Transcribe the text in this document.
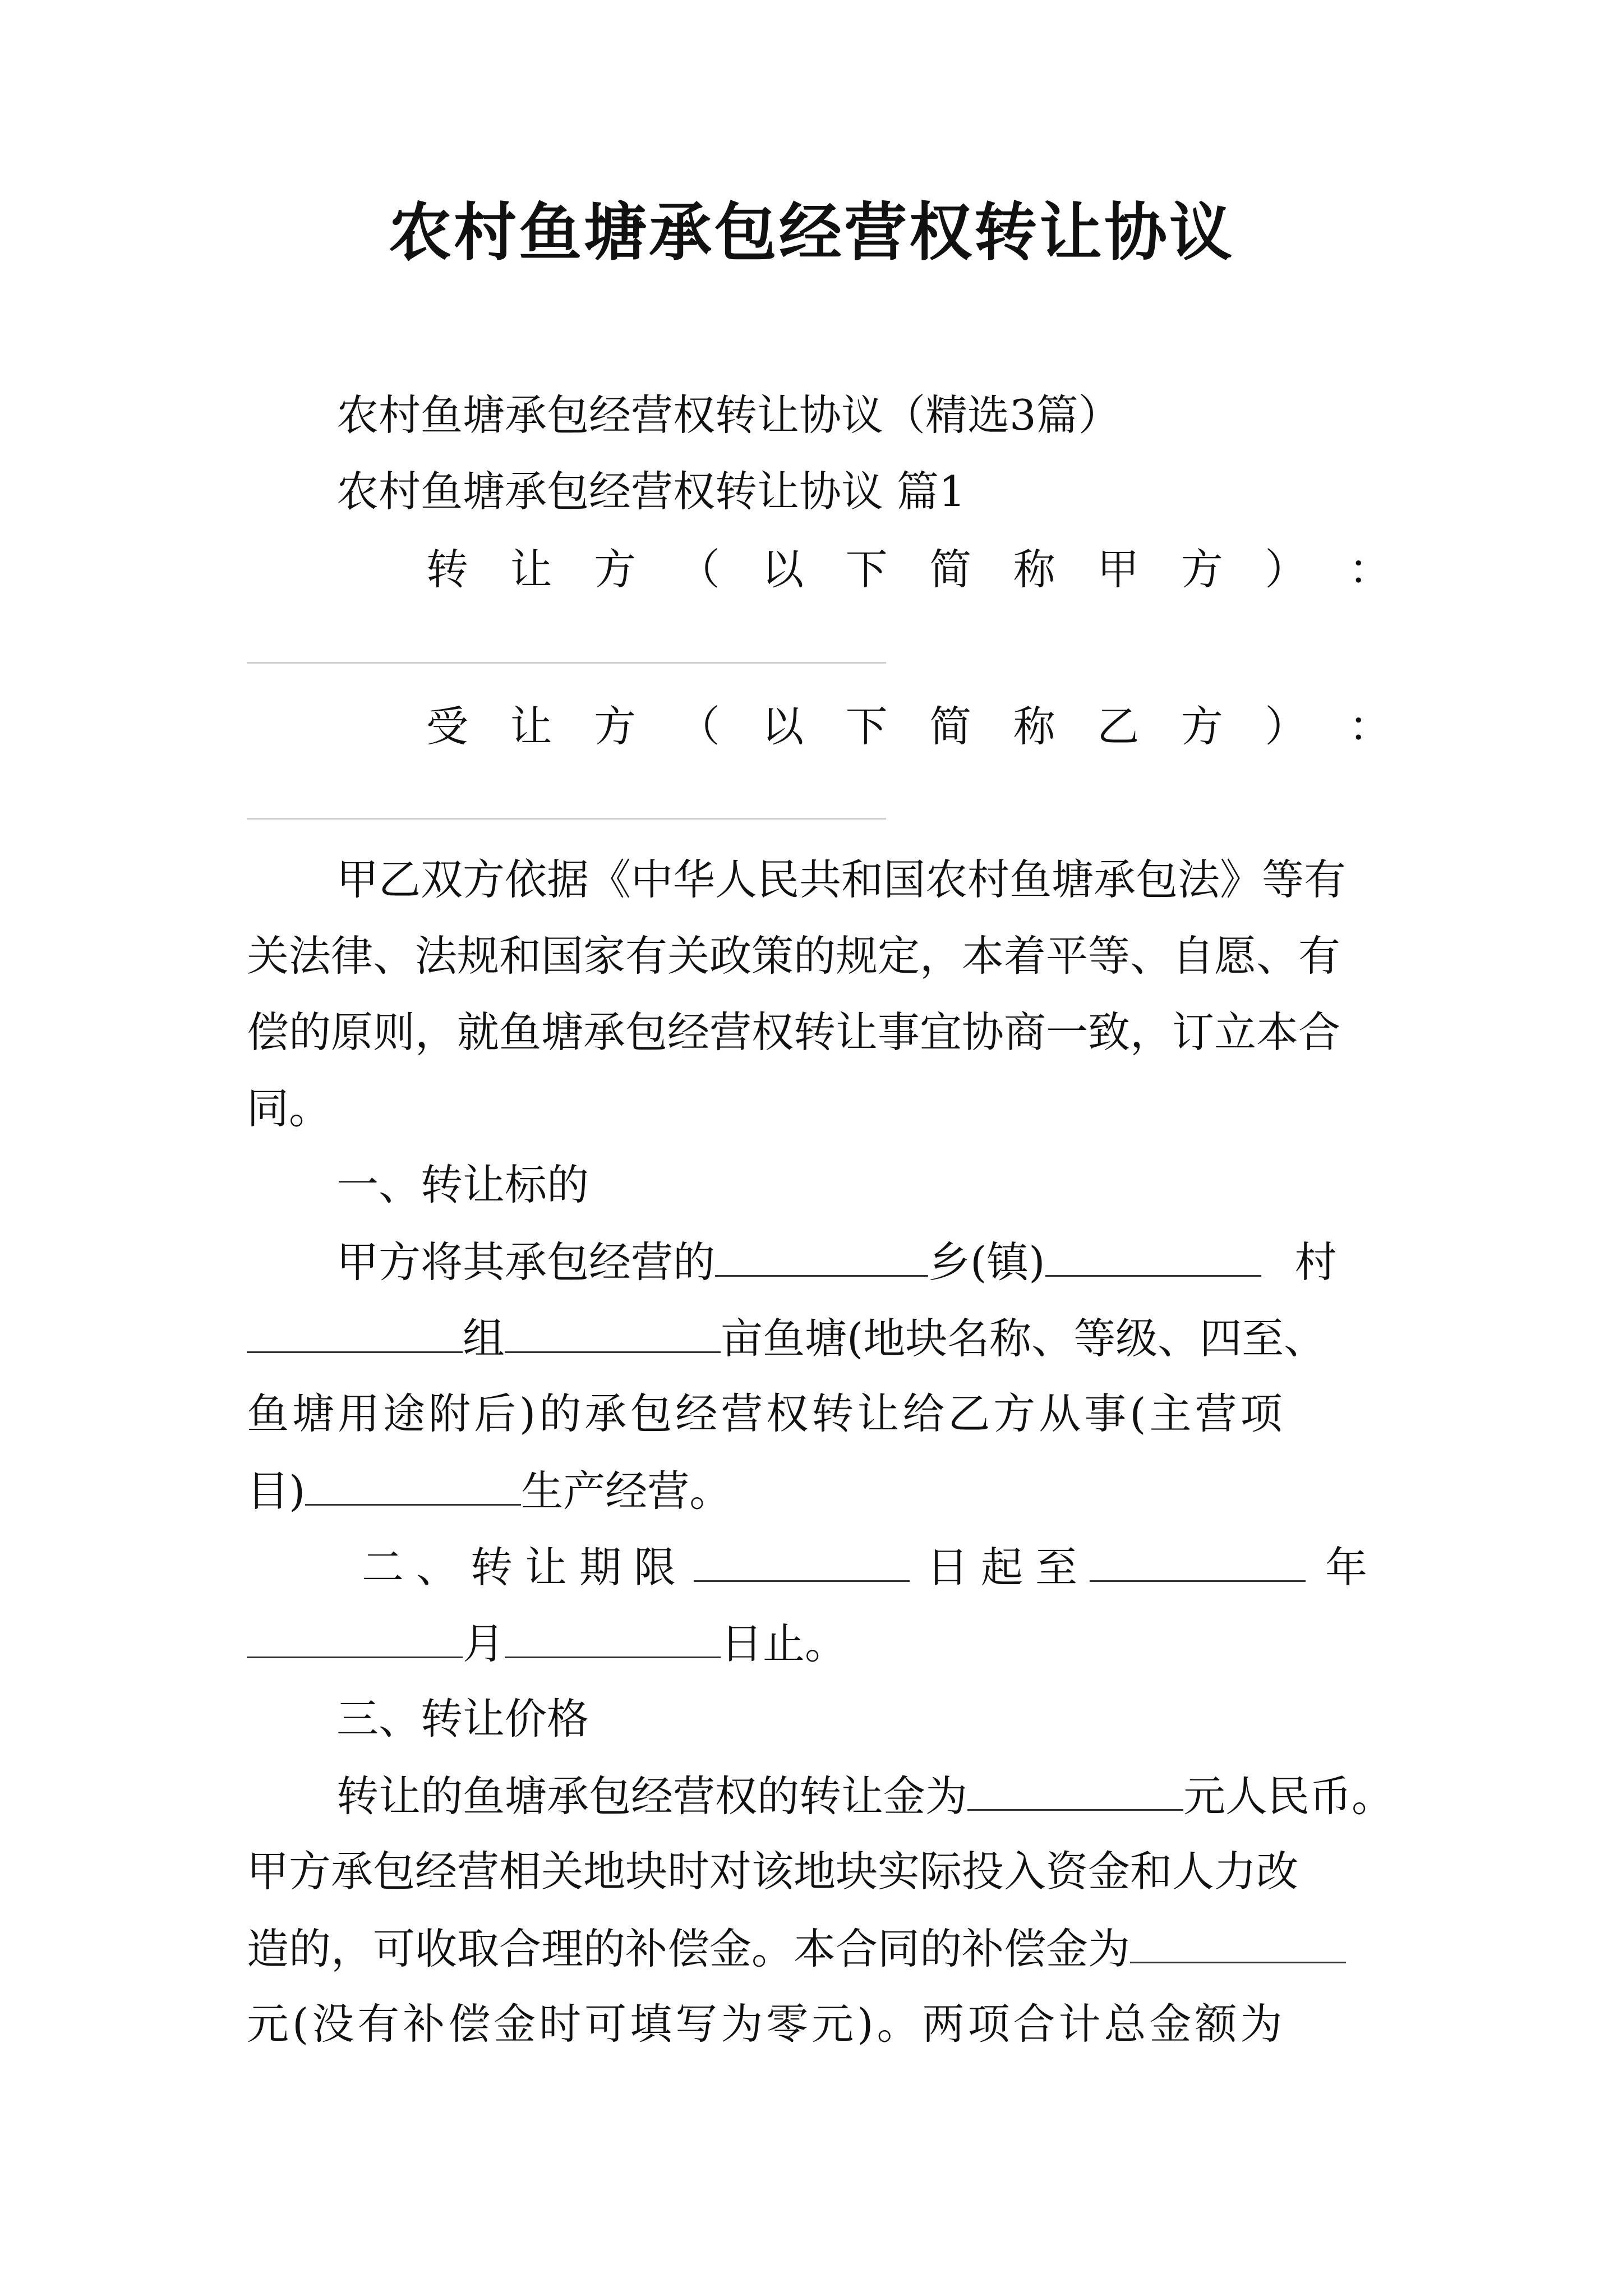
农村鱼塘承包经营权转让协议
农村鱼塘承包经营权转让协议（精选3篇）
农村鱼塘承包经营权转让协议 篇1
转 让 方 （ 以 下 简 称 甲 方 ） ：
受 让 方 （ 以 下 简 称 乙 方 ） ：
甲乙双方依据《中华人民共和国农村鱼塘承包法》等有
关法律、法规和国家有关政策的规定，本着平等、自愿、有
偿的原则，就鱼塘承包经营权转让事宜协商一致，订立本合
同。
一、转让标的
甲方将其承包经营的	乡(镇)	村
组	亩鱼塘(地块名称、等级、四至、
鱼塘用途附后)的承包经营权转让给乙方从事(主营项
目)	生产经营。
二、转让期限	日起至	年
月	日止。
三、转让价格
转让的鱼塘承包经营权的转让金为	元人民币。
甲方承包经营相关地块时对该地块实际投入资金和人力改
造的，可收取合理的补偿金。本合同的补偿金为
元(没有补偿金时可填写为零元)。两项合计总金额为
